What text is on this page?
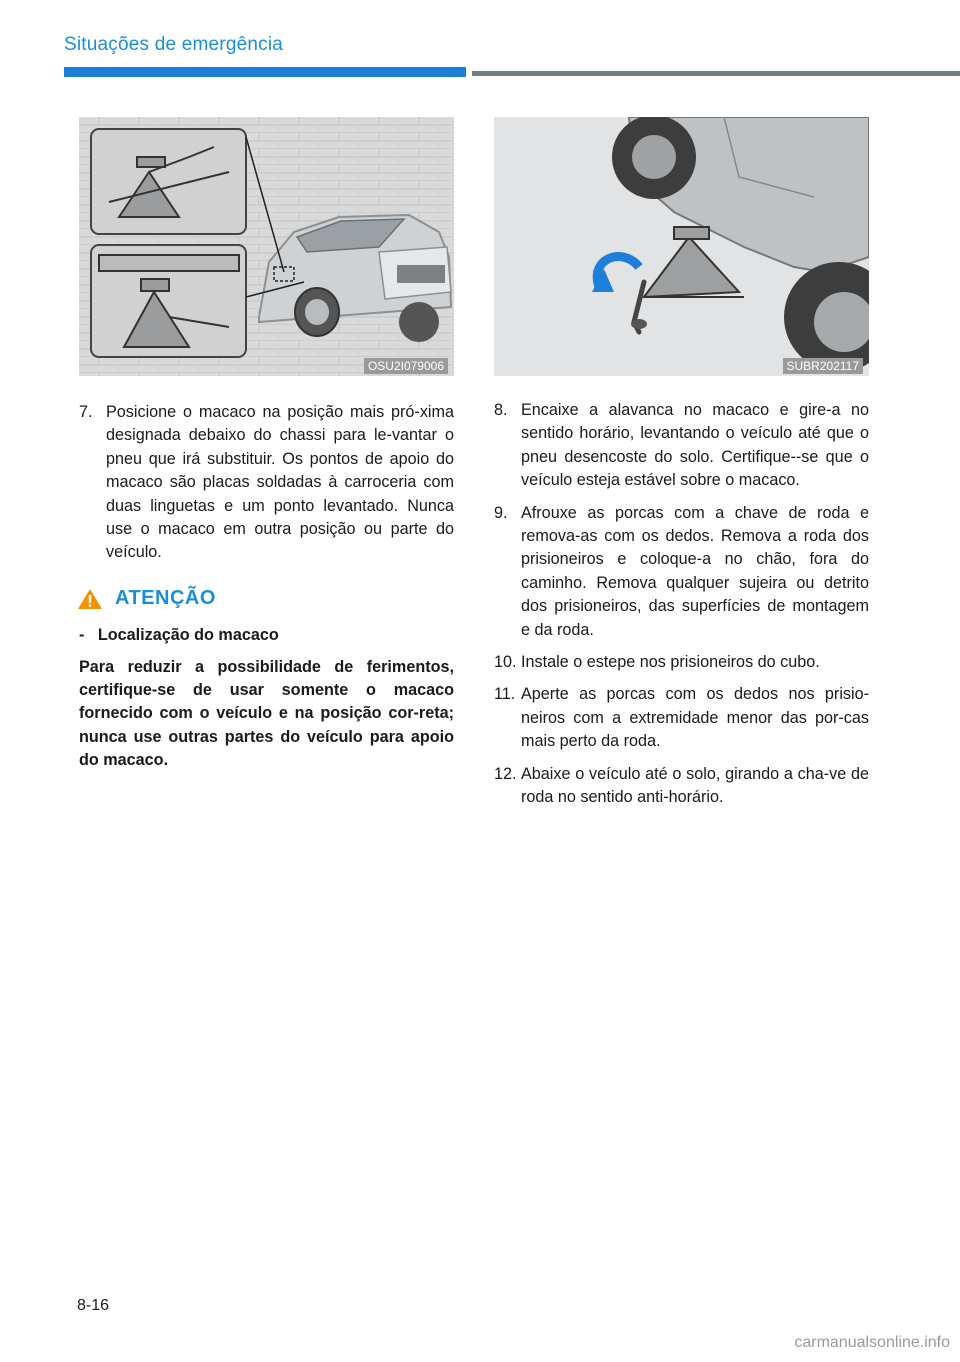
Situações de emergência
OSU2I079006	SUBR202117
7. Posicione o macaco na posição mais pró-xima designada debaixo do chassi para le-vantar o pneu que irá substituir. Os pontos de apoio do macaco são placas soldadas à carroceria com duas linguetas e um ponto levantado. Nunca use o macaco em outra posição ou parte do veículo.
ATENÇÃO
-   Localização do macaco
Para reduzir a possibilidade de ferimentos, certifique-se de usar somente o macaco fornecido com o veículo e na posição cor-reta; nunca use outras partes do veículo para apoio do macaco.
8. Encaixe a alavanca no macaco e gire-a no sentido horário, levantando o veículo até que o pneu desencoste do solo. Certifique--se que o veículo esteja estável sobre o macaco.
9. Afrouxe as porcas com a chave de roda e remova-as com os dedos. Remova a roda dos prisioneiros e coloque-a no chão, fora do caminho. Remova qualquer sujeira ou detrito dos prisioneiros, das superfícies de montagem e da roda.
10. Instale o estepe nos prisioneiros do cubo.
11. Aperte as porcas com os dedos nos prisio-neiros com a extremidade menor das por-cas mais perto da roda.
12. Abaixe o veículo até o solo, girando a cha-ve de roda no sentido anti-horário.
8-16
carmanualsonline.info
